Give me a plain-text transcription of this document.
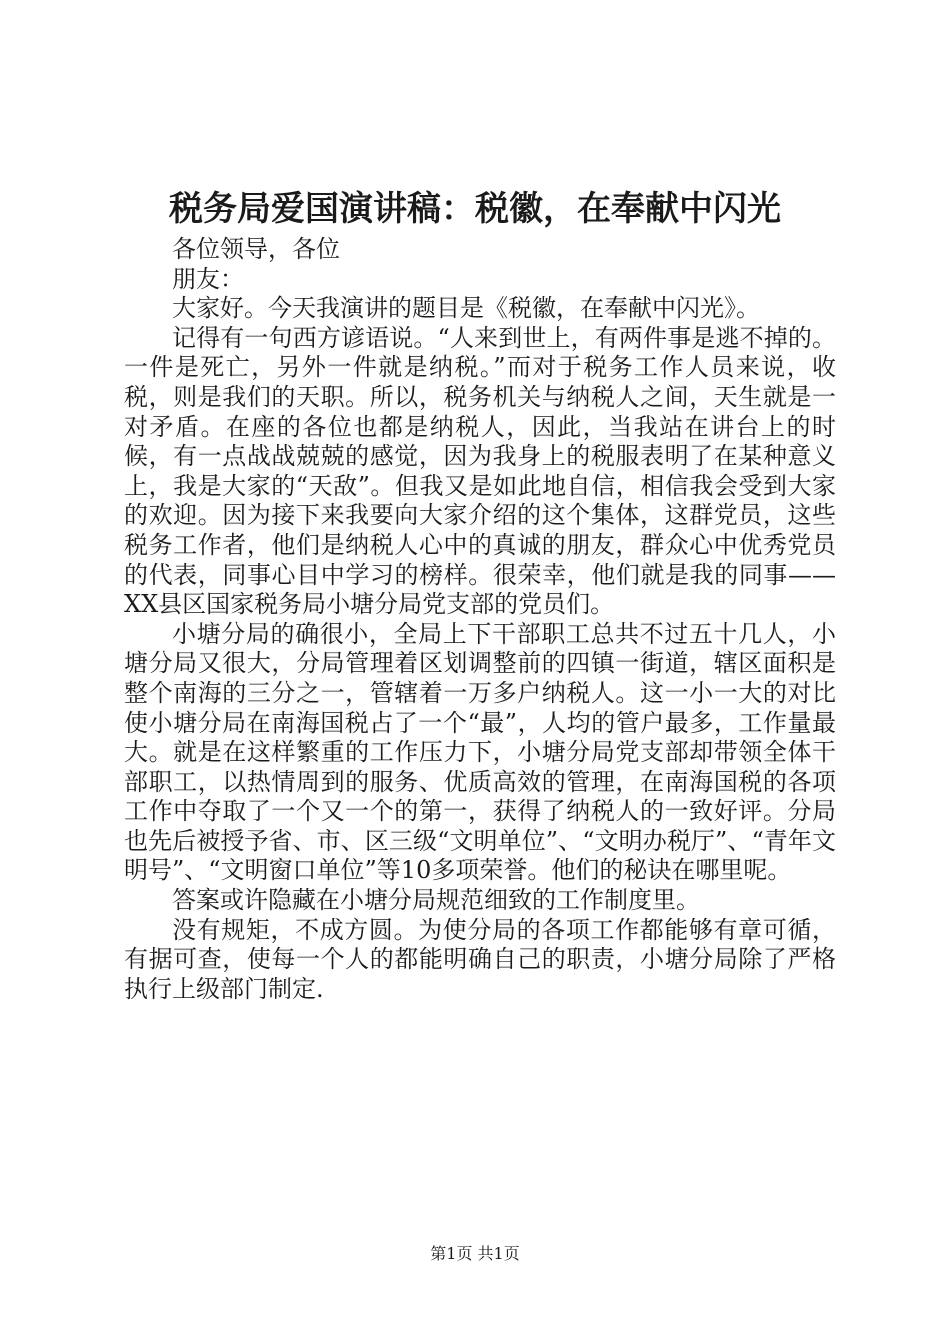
税务局爱国演讲稿：税徽，在奉献中闪光

各位领导，各位

朋友：

大家好。今天我演讲的题目是《税徽，在奉献中闪光》。

记得有一句西方谚语说。“人来到世上，有两件事是逃不掉的。一件是死亡，另外一件就是纳税。”而对于税务工作人员来说，收税，则是我们的天职。所以，税务机关与纳税人之间，天生就是一对矛盾。在座的各位也都是纳税人，因此，当我站在讲台上的时候，有一点战战兢兢的感觉，因为我身上的税服表明了在某种意义上，我是大家的“天敌”。但我又是如此地自信，相信我会受到大家的欢迎。因为接下来我要向大家介绍的这个集体，这群党员，这些税务工作者，他们是纳税人心中的真诚的朋友，群众心中优秀党员的代表，同事心目中学习的榜样。很荣幸，他们就是我的同事——XX县区国家税务局小塘分局党支部的党员们。

小塘分局的确很小，全局上下干部职工总共不过五十几人，小塘分局又很大，分局管理着区划调整前的四镇一街道，辖区面积是整个南海的三分之一，管辖着一万多户纳税人。这一小一大的对比使小塘分局在南海国税占了一个“最”，人均的管户最多，工作量最大。就是在这样繁重的工作压力下，小塘分局党支部却带领全体干部职工，以热情周到的服务、优质高效的管理，在南海国税的各项工作中夺取了一个又一个的第一，获得了纳税人的一致好评。分局也先后被授予省、市、区三级“文明单位”、“文明办税厅”、“青年文明号”、“文明窗口单位”等10多项荣誉。他们的秘诀在哪里呢。

答案或许隐藏在小塘分局规范细致的工作制度里。

没有规矩，不成方圆。为使分局的各项工作都能够有章可循，有据可查，使每一个人的都能明确自己的职责，小塘分局除了严格执行上级部门制定.

第1页 共1页
